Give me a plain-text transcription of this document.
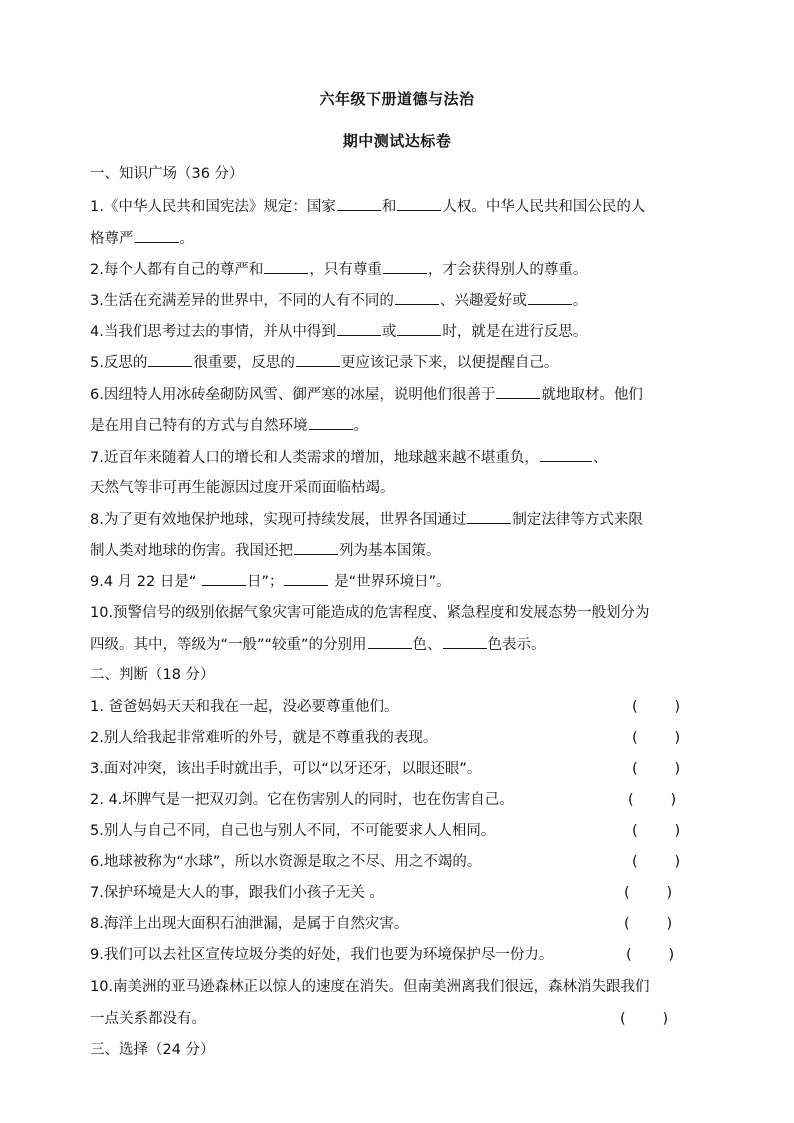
六年级下册道德与法治
期中测试达标卷
一、知识广场（36 分）
1.《中华人民共和国宪法》规定：国家	和	人权。中华人民共和国公民的人
格尊严	。
2.每个人都有自己的尊严和	，只有尊重	，才会获得别人的尊重。
3.生活在充满差异的世界中，不同的人有不同的	、兴趣爱好或	。
4.当我们思考过去的事情，并从中得到	或	时，就是在进行反思。
5.反思的	很重要，反思的	更应该记录下来，以便提醒自己。
6.因纽特人用冰砖垒砌防风雪、御严寒的冰屋，说明他们很善于	就地取材。他们
是在用自己特有的方式与自然环境	。
7.近百年来随着人口的增长和人类需求的增加，地球越来越不堪重负，	、
天然气等非可再生能源因过度开采而面临枯竭。
8.为了更有效地保护地球，实现可持续发展，世界各国通过	制定法律等方式来限
制人类对地球的伤害。我国还把	列为基本国策。
9.4 月 22 日是“	日”；	是“世界环境日”。
10.预警信号的级别依据气象灾害可能造成的危害程度、紧急程度和发展态势一般划分为
四级。其中，等级为“一般”“较重”的分别用	色、	色表示。
二、判断（18 分）
1. 爸爸妈妈天天和我在一起，没必要尊重他们。	(        )
2.别人给我起非常难听的外号，就是不尊重我的表现。	(        )
3.面对冲突，该出手时就出手，可以“以牙还牙，以眼还眼”。	(        )
2. 4.坏脾气是一把双刃剑。它在伤害别人的同时，也在伤害自己。	(        )
5.别人与自己不同，自己也与别人不同，不可能要求人人相同。	(        )
6.地球被称为“水球”，所以水资源是取之不尽、用之不竭的。	(        )
7.保护环境是大人的事，跟我们小孩子无关 。	(        )
8.海洋上出现大面积石油泄漏，是属于自然灾害。	(        )
9.我们可以去社区宣传垃圾分类的好处，我们也要为环境保护尽一份力。	(        )
10.南美洲的亚马逊森林正以惊人的速度在消失。但南美洲离我们很远，森林消失跟我们
一点关系都没有。	(        )
三、选择（24 分）
